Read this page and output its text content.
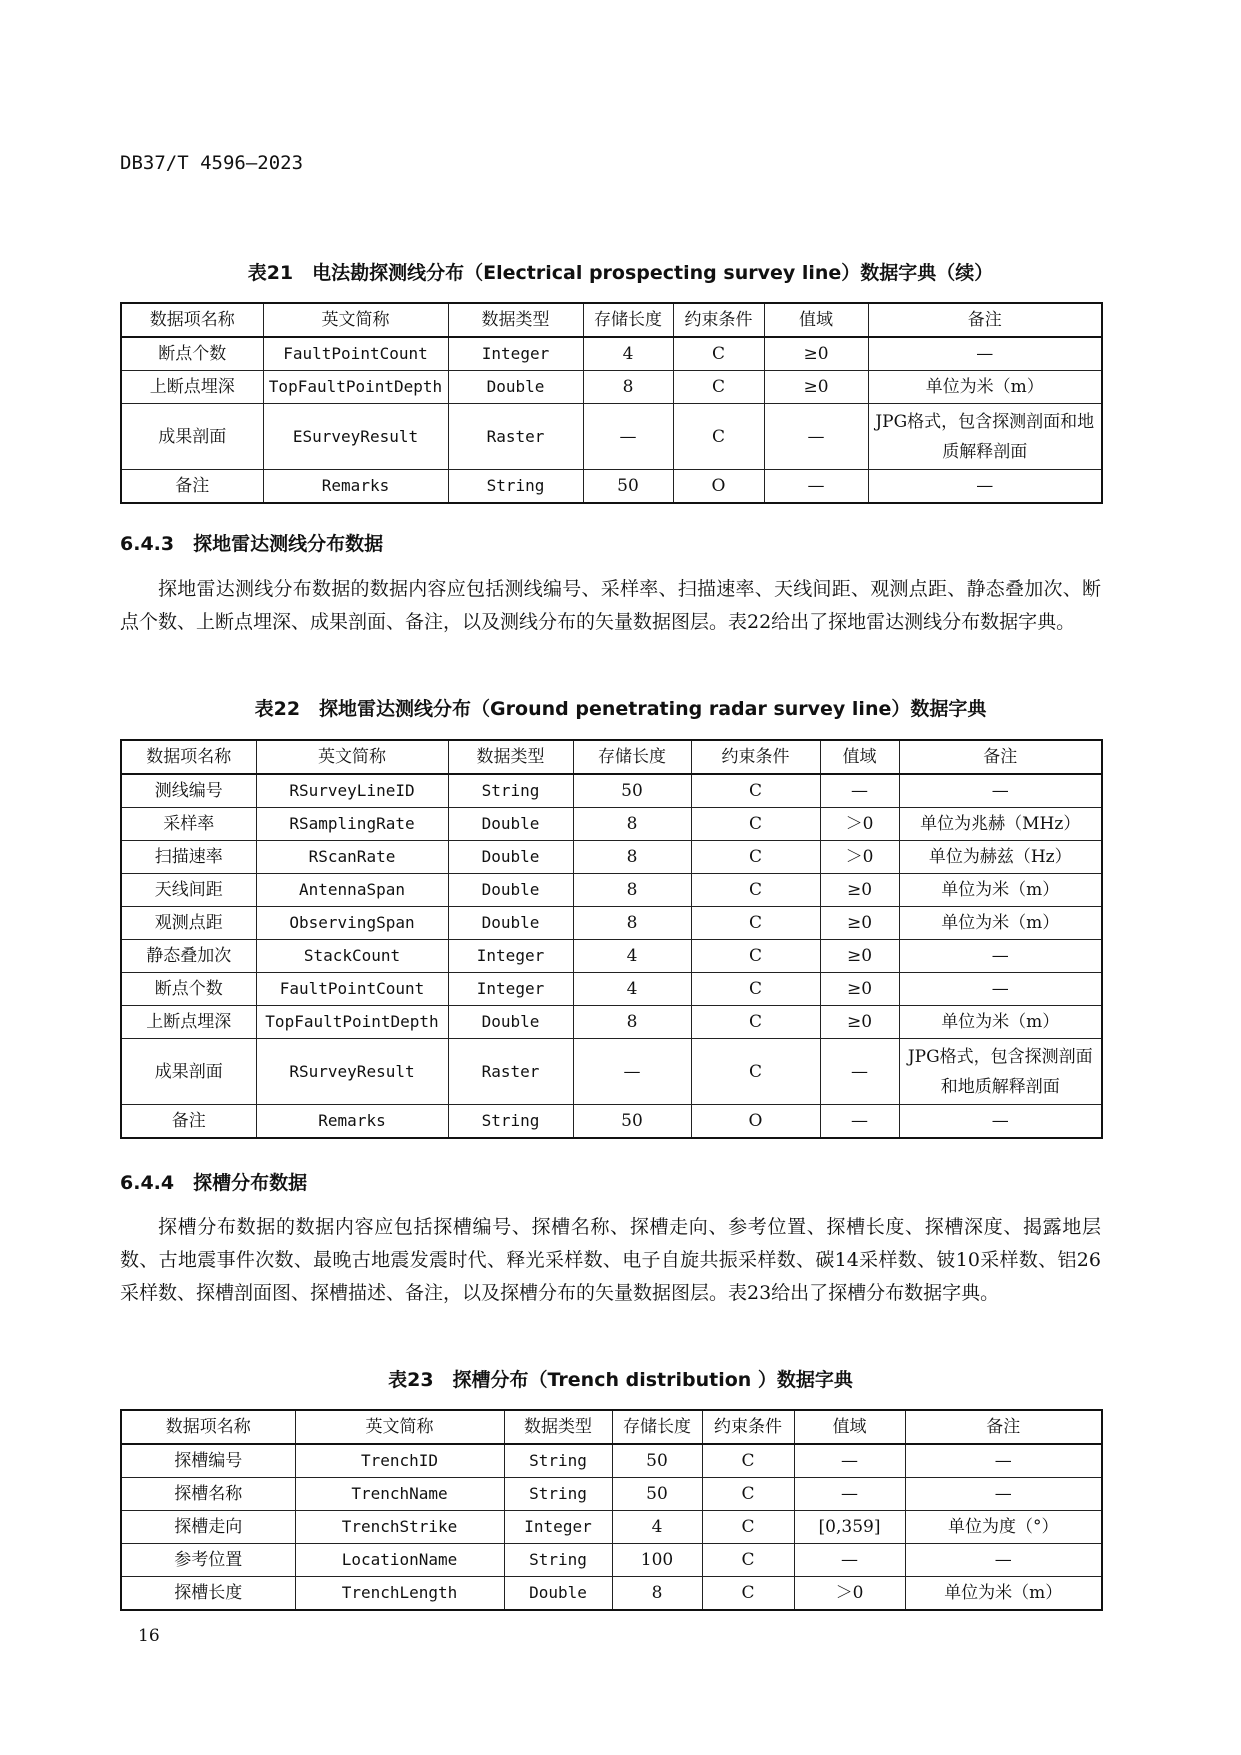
DB37/T 4596—2023
表21　电法勘探测线分布（Electrical prospecting survey line）数据字典（续）
数据项名称	英文简称	数据类型	存储长度	约束条件	值域	备注
断点个数	FaultPointCount	Integer	4	C	≥0	—
上断点埋深	TopFaultPointDepth	Double	8	C	≥0	单位为米（m）
成果剖面	ESurveyResult	Raster	—	C	—	JPG格式，包含探测剖面和地质解释剖面
备注	Remarks	String	50	O	—	—
6.4.3　探地雷达测线分布数据
探地雷达测线分布数据的数据内容应包括测线编号、采样率、扫描速率、天线间距、观测点距、静态叠加次、断点个数、上断点埋深、成果剖面、备注，以及测线分布的矢量数据图层。表22给出了探地雷达测线分布数据字典。
表22　探地雷达测线分布（Ground penetrating radar survey line）数据字典
数据项名称	英文简称	数据类型	存储长度	约束条件	值域	备注
测线编号	RSurveyLineID	String	50	C	—	—
采样率	RSamplingRate	Double	8	C	＞0	单位为兆赫（MHz）
扫描速率	RScanRate	Double	8	C	＞0	单位为赫兹（Hz）
天线间距	AntennaSpan	Double	8	C	≥0	单位为米（m）
观测点距	ObservingSpan	Double	8	C	≥0	单位为米（m）
静态叠加次	StackCount	Integer	4	C	≥0	—
断点个数	FaultPointCount	Integer	4	C	≥0	—
上断点埋深	TopFaultPointDepth	Double	8	C	≥0	单位为米（m）
成果剖面	RSurveyResult	Raster	—	C	—	JPG格式，包含探测剖面和地质解释剖面
备注	Remarks	String	50	O	—	—
6.4.4　探槽分布数据
探槽分布数据的数据内容应包括探槽编号、探槽名称、探槽走向、参考位置、探槽长度、探槽深度、揭露地层数、古地震事件次数、最晚古地震发震时代、释光采样数、电子自旋共振采样数、碳14采样数、铍10采样数、铝26采样数、探槽剖面图、探槽描述、备注，以及探槽分布的矢量数据图层。表23给出了探槽分布数据字典。
表23　探槽分布（Trench distribution ）数据字典
数据项名称	英文简称	数据类型	存储长度	约束条件	值域	备注
探槽编号	TrenchID	String	50	C	—	—
探槽名称	TrenchName	String	50	C	—	—
探槽走向	TrenchStrike	Integer	4	C	[0,359]	单位为度（°）
参考位置	LocationName	String	100	C	—	—
探槽长度	TrenchLength	Double	8	C	＞0	单位为米（m）
16
